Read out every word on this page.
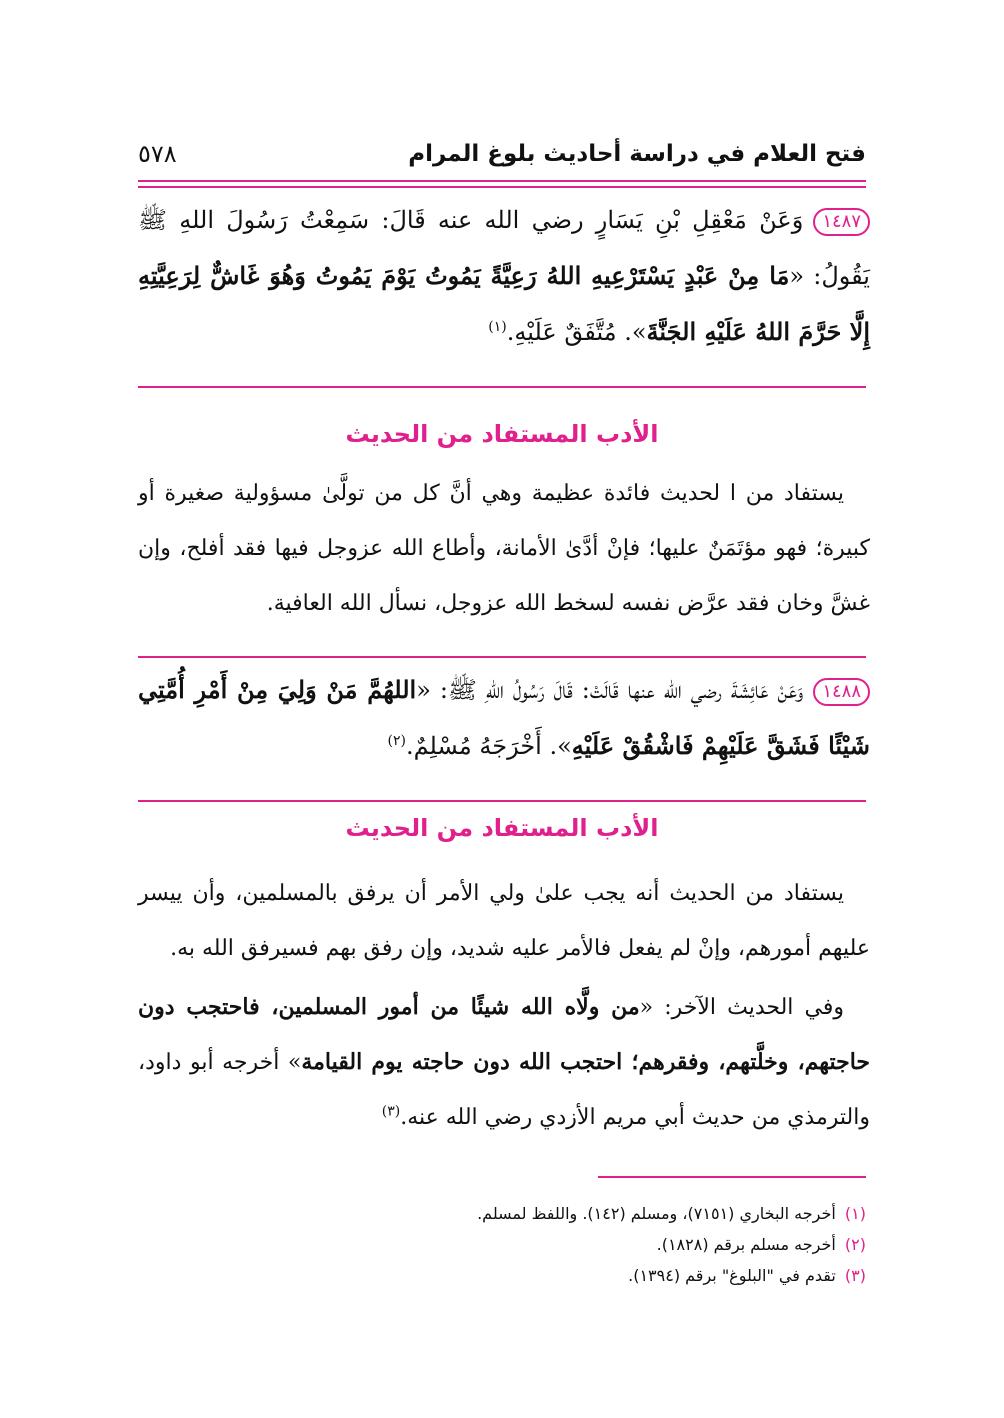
فتح العلام في دراسة أحاديث بلوغ المرام
٥٧٨
١٤٨٧وَعَنْ مَعْقِلِ بْنِ يَسَارٍ رضي الله عنه قَالَ: سَمِعْتُ رَسُولَ اللهِ ﷺ يَقُولُ: «مَا مِنْ عَبْدٍ يَسْتَرْعِيهِ اللهُ رَعِيَّةً يَمُوتُ يَوْمَ يَمُوتُ وَهُوَ غَاشٌّ لِرَعِيَّتِهِ إِلَّا حَرَّمَ اللهُ عَلَيْهِ الجَنَّةَ». مُتَّفَقٌ عَلَيْهِ.$^{(١)}$
الأدب المستفاد من الحديث
يستفاد من ا لحديث فائدة عظيمة وهي أنَّ كل من تولَّىٰ مسؤولية صغيرة أو كبيرة؛ فهو مؤتَمَنٌ عليها؛ فإنْ أدَّىٰ الأمانة، وأطاع الله عزوجل فيها فقد أفلح، وإن غشَّ وخان فقد عرَّض نفسه لسخط الله عزوجل، نسأل الله العافية.
١٤٨٨وَعَنْ عَائِشَةَ رضي الله عنها قَالَتْ: قَالَ رَسُولُ اللهِ ﷺ: «اللهُمَّ مَنْ وَلِيَ مِنْ أَمْرِ أُمَّتِي شَيْئًا فَشَقَّ عَلَيْهِمْ فَاشْقُقْ عَلَيْهِ». أَخْرَجَهُ مُسْلِمٌ.$^{(٢)}$
الأدب المستفاد من الحديث
يستفاد من الحديث أنه يجب علىٰ ولي الأمر أن يرفق بالمسلمين، وأن ييسر عليهم أمورهم، وإنْ لم يفعل فالأمر عليه شديد، وإن رفق بهم فسيرفق الله به.
وفي الحديث الآخر: «من ولَّاه الله شيئًا من أمور المسلمين، فاحتجب دون حاجتهم، وخلَّتهم، وفقرهم؛ احتجب الله دون حاجته يوم القيامة» أخرجه أبو داود، والترمذي من حديث أبي مريم الأزدي رضي الله عنه.$^{(٣)}$
(١) أخرجه البخاري (٧١٥١)، ومسلم (١٤٢). واللفظ لمسلم.
(٢) أخرجه مسلم برقم (١٨٢٨).
(٣) تقدم في "البلوغ" برقم (١٣٩٤).
